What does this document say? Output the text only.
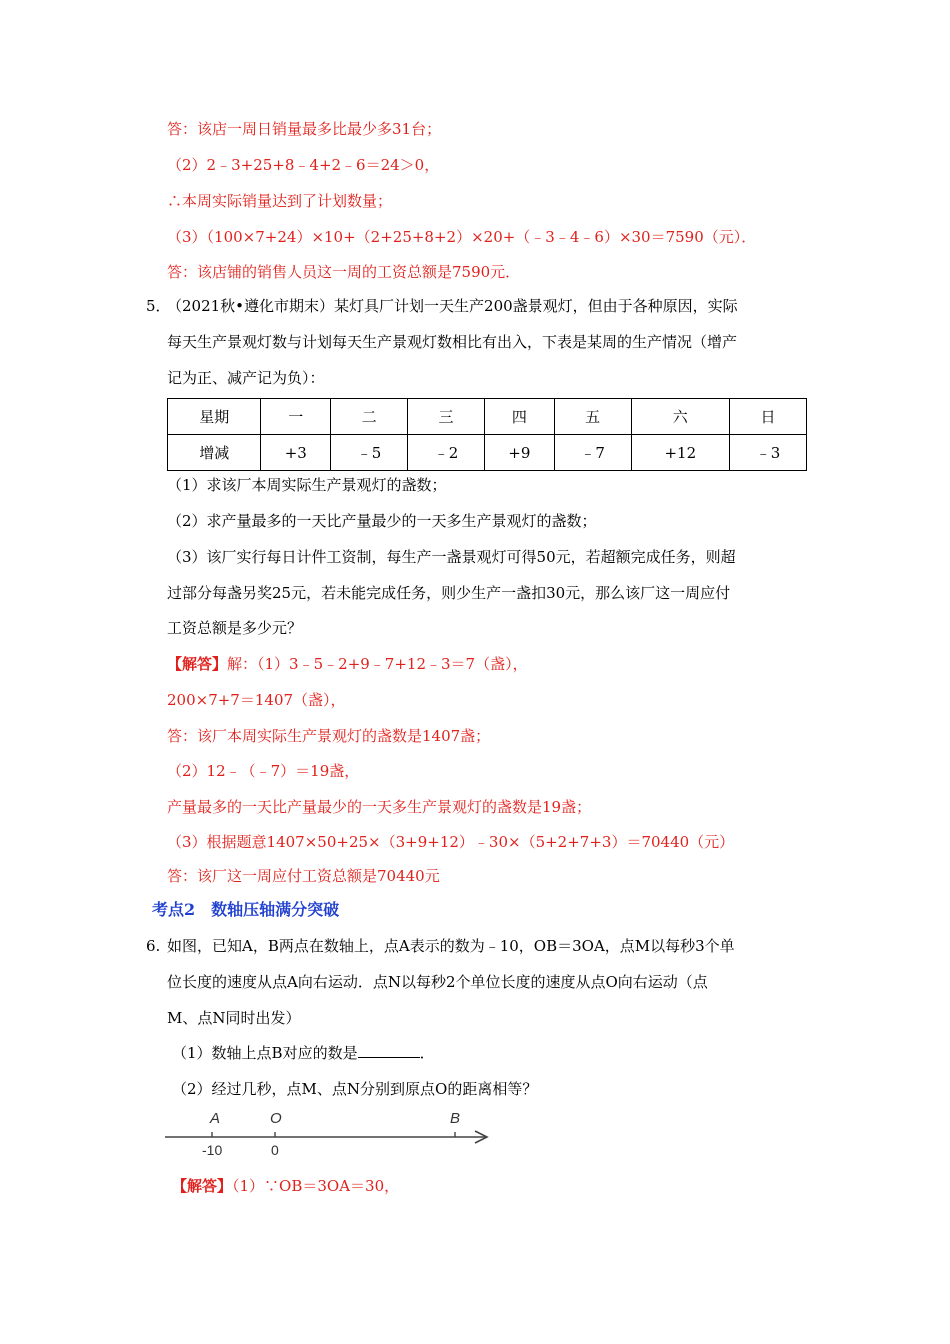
答：该店一周日销量最多比最少多31台；
（2）2﹣3+25+8﹣4+2﹣6＝24＞0，
∴本周实际销量达到了计划数量；
（3）（100×7+24）×10+（2+25+8+2）×20+（﹣3﹣4﹣6）×30＝7590（元）．
答：该店铺的销售人员这一周的工资总额是7590元．
5．
（2021秋•遵化市期末）某灯具厂计划一天生产200盏景观灯，但由于各种原因，实际
每天生产景观灯数与计划每天生产景观灯数相比有出入，下表是某周的生产情况（增产
记为正、减产记为负）：
星期	一	二	三	四	五	六	日
增减	+3	﹣5	﹣2	+9	﹣7	+12	﹣3
（1）求该厂本周实际生产景观灯的盏数；
（2）求产量最多的一天比产量最少的一天多生产景观灯的盏数；
（3）该厂实行每日计件工资制，每生产一盏景观灯可得50元，若超额完成任务，则超
过部分每盏另奖25元，若未能完成任务，则少生产一盏扣30元，那么该厂这一周应付
工资总额是多少元？
【解答】解：（1）3﹣5﹣2+9﹣7+12﹣3＝7（盏），
200×7+7＝1407（盏），
答：该厂本周实际生产景观灯的盏数是1407盏；
（2）12﹣（﹣7）＝19盏，
产量最多的一天比产量最少的一天多生产景观灯的盏数是19盏；
（3）根据题意1407×50+25×（3+9+12）﹣30×（5+2+7+3）＝70440（元）
答：该厂这一周应付工资总额是70440元
考点2　数轴压轴满分突破
6. 如图，已知A，B两点在数轴上，点A表示的数为﹣10，OB＝3OA，点M以每秒3个单
位长度的速度从点A向右运动．点N以每秒2个单位长度的速度从点O向右运动（点
M、点N同时出发）
（1）数轴上点B对应的数是	．
（2）经过几秒，点M、点N分别到原点O的距离相等？
A	O	B
-10	0
【解答】（1）∵OB＝3OA＝30，
